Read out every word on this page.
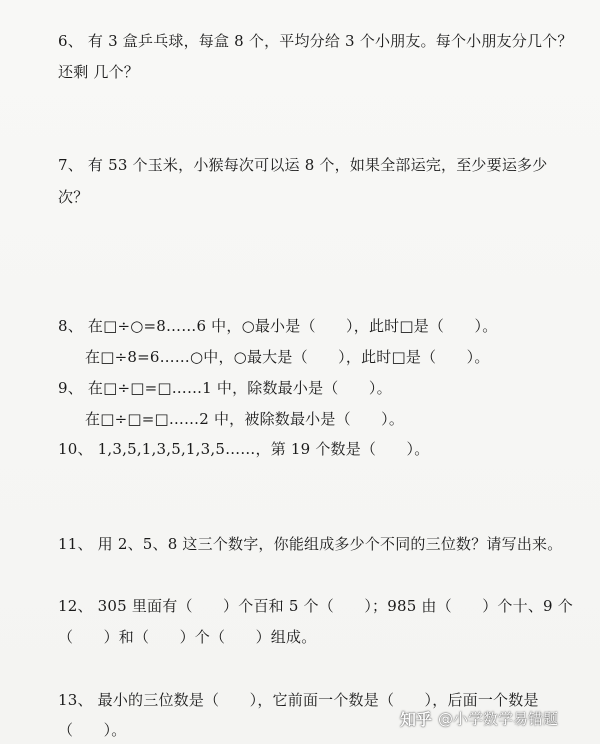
6、 有 3 盒乒乓球，每盒 8 个，平均分给 3 个小朋友。每个小朋友分几个？
还剩 几个？
7、 有 53 个玉米，小猴每次可以运 8 个，如果全部运完，至少要运多少
次？
8、 在□÷○=8……6 中，○最小是（　　），此时□是（　　）。
在□÷8=6……○中，○最大是（　　），此时□是（　　）。
9、 在□÷□=□……1 中，除数最小是（　　）。
在□÷□=□……2 中，被除数最小是（　　）。
10、 1,3,5,1,3,5,1,3,5……，第 19 个数是（　　）。
11、 用 2、5、8 这三个数字，你能组成多少个不同的三位数？请写出来。
12、 305 里面有（　　）个百和 5 个（　　）；985 由（　　）个十、9 个
（　　）和（　　）个（　　）组成。
13、 最小的三位数是（　　），它前面一个数是（　　），后面一个数是
（　　）。
知乎 @小学数学易错题
